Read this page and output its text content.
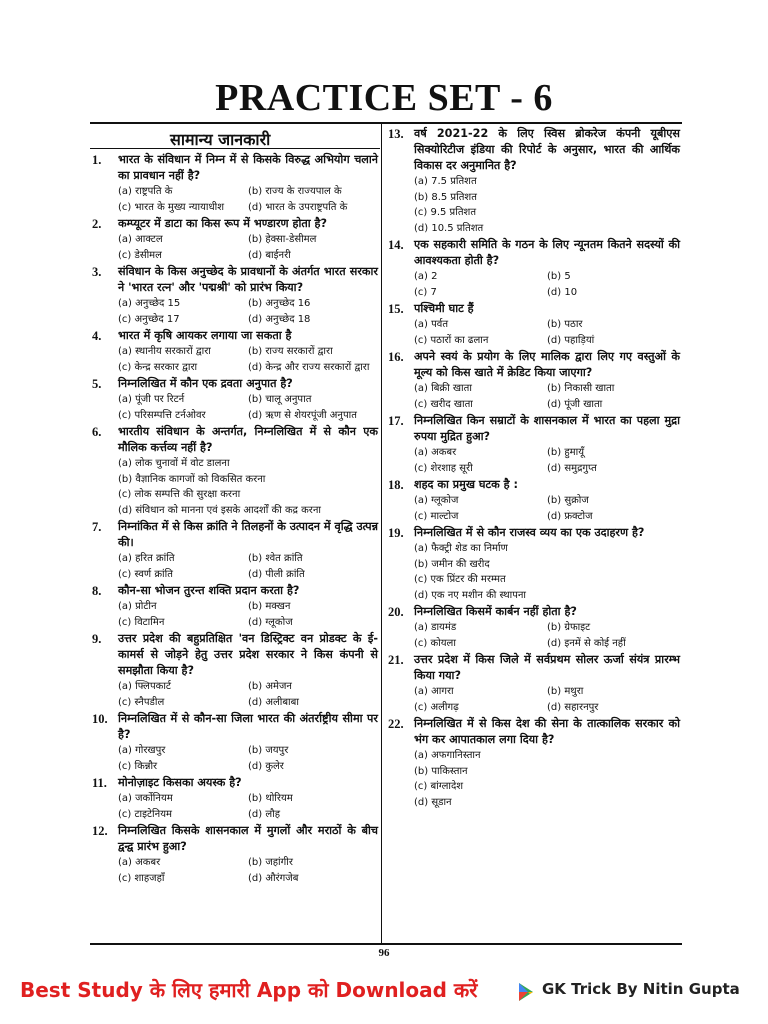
PRACTICE SET - 6
सामान्य जानकारी
1.	भारत के संविधान में निम्न में से किसके विरुद्ध अभियोग चलाने का प्रावधान नहीं है?
(a) राष्ट्रपति के	(b) राज्य के राज्यपाल के
(c) भारत के मुख्य न्यायाधीश	(d) भारत के उपराष्ट्रपति के
2.	कम्प्यूटर में डाटा का किस रूप में भण्डारण होता है?
(a) आक्टल	(b) हेक्सा-डेसीमल
(c) डेसीमल	(d) बाईनरी
3.	संविधान के किस अनुच्छेद के प्रावधानों के अंतर्गत भारत सरकार ने 'भारत रत्न' और 'पद्मश्री' को प्रारंभ किया?
(a) अनुच्छेद 15	(b) अनुच्छेद 16
(c) अनुच्छेद 17	(d) अनुच्छेद 18
4.	भारत में कृषि आयकर लगाया जा सकता है
(a) स्थानीय सरकारों द्वारा	(b) राज्य सरकारों द्वारा
(c) केन्द्र सरकार द्वारा	(d) केन्द्र और राज्य सरकारों द्वारा
5.	निम्नलिखित में कौन एक द्रवता अनुपात है?
(a) पूंजी पर रिटर्न	(b) चालू अनुपात
(c) परिसम्पत्ति टर्नओवर	(d) ऋण से शेयरपूंजी अनुपात
6.	भारतीय संविधान के अन्तर्गत, निम्नलिखित में से कौन एक मौलिक कर्त्तव्य नहीं है?
(a) लोक चुनावों में वोट डालना
(b) वैज्ञानिक कागजों को विकसित करना
(c) लोक सम्पत्ति की सुरक्षा करना
(d) संविधान को मानना एवं इसके आदर्शों की कद्र करना
7.	निम्नांकित में से किस क्रांति ने तिलहनों के उत्पादन में वृद्धि उत्पन्न की।
(a) हरित क्रांति	(b) श्वेत क्रांति
(c) स्वर्ण क्रांति	(d) पीली क्रांति
8.	कौन-सा भोजन तुरन्त शक्ति प्रदान करता है?
(a) प्रोटीन	(b) मक्खन
(c) विटामिन	(d) ग्लूकोज
9.	उत्तर प्रदेश की बहुप्रतिक्षित 'वन डिस्ट्रिक्ट वन प्रोडक्ट के ई-कामर्स से जोड़ने हेतु उत्तर प्रदेश सरकार ने किस कंपनी से समझौता किया है?
(a) फ्लिपकार्ट	(b) अमेजन
(c) स्नैपडील	(d) अलीबाबा
10. निम्नलिखित में से कौन-सा जिला भारत की अंतर्राष्ट्रीय सीमा पर है?
(a) गोरखपुर	(b) जयपुर
(c) किन्नौर	(d) कुलेर
11. मोनोज़ाइट किसका अयस्क है?
(a) जर्कोनियम	(b) थोरियम
(c) टाइटेनियम	(d) लौह
12. निम्नलिखित किसके शासनकाल में मुगलों और मराठों के बीच द्वन्द्व प्रारंभ हुआ?
(a) अकबर	(b) जहांगीर
(c) शाहजहाँ	(d) औरंगजेब
13. वर्ष 2021-22 के लिए स्विस ब्रोकरेज कंपनी यूबीएस सिक्योरिटीज इंडिया की रिपोर्ट के अनुसार, भारत की आर्थिक विकास दर अनुमानित है?
(a) 7.5 प्रतिशत
(b) 8.5 प्रतिशत
(c) 9.5 प्रतिशत
(d) 10.5 प्रतिशत
14. एक सहकारी समिति के गठन के लिए न्यूनतम कितने सदस्यों की आवश्यकता होती है?
(a) 2	(b) 5
(c) 7	(d) 10
15. पश्चिमी घाट हैं
(a) पर्वत	(b) पठार
(c) पठारों का ढलान	(d) पहाड़ियां
16. अपने स्वयं के प्रयोग के लिए मालिक द्वारा लिए गए वस्तुओं के मूल्य को किस खाते में क्रेडिट किया जाएगा?
(a) बिक्री खाता	(b) निकासी खाता
(c) खरीद खाता	(d) पूंजी खाता
17. निम्नलिखित किन सम्राटों के शासनकाल में भारत का पहला मुद्रा रुपया मुद्रित हुआ?
(a) अकबर	(b) हुमायूँ
(c) शेरशाह सूरी	(d) समुद्रगुप्त
18. शहद का प्रमुख घटक है :
(a) ग्लूकोज	(b) सुक्रोज
(c) माल्टोज	(d) फ्रक्टोज
19. निम्नलिखित में से कौन राजस्व व्यय का एक उदाहरण है?
(a) फैक्ट्री शेड का निर्माण
(b) जमीन की खरीद
(c) एक प्रिंटर की मरम्मत
(d) एक नए मशीन की स्थापना
20. निम्नलिखित किसमें कार्बन नहीं होता है?
(a) डायमंड	(b) ग्रेफाइट
(c) कोयला	(d) इनमें से कोई नहीं
21. उत्तर प्रदेश में किस जिले में सर्वप्रथम सोलर ऊर्जा संयंत्र प्रारम्भ किया गया?
(a) आगरा	(b) मथुरा
(c) अलीगढ़	(d) सहारनपुर
22. निम्नलिखित में से किस देश की सेना के तात्कालिक सरकार को भंग कर आपातकाल लगा दिया है?
(a) अफगानिस्तान
(b) पाकिस्तान
(c) बांग्लादेश
(d) सूडान
96
Best Study के लिए हमारी App को Download करें	GK Trick By Nitin Gupta
